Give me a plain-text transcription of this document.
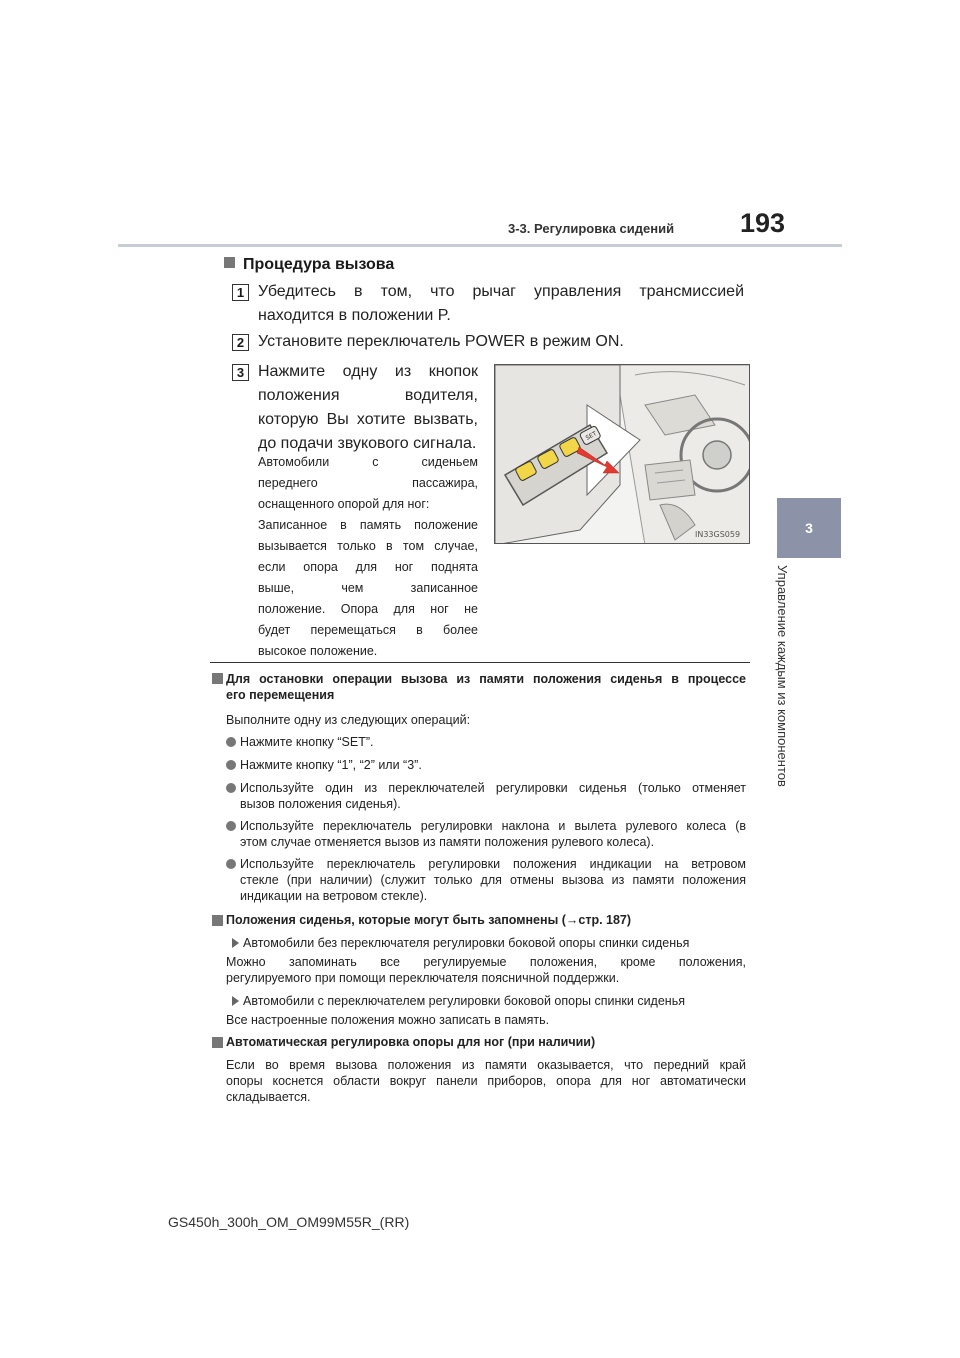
3-3. Регулировка сидений 193
3
Управление каждым из компонентов
Процедура вызова
1 Убедитесь в том, что рычаг управления трансмиссией
находится в положении P.
2 Установите переключатель POWER в режим ON.
3 Нажмите одну из кнопок
положения водителя,
которую Вы хотите вызвать,
до подачи звукового сигнала.
Автомобили с сиденьем
переднего пассажира,
оснащенного опорой для ног:
Записанное в память положение
вызывается только в том случае,
если опора для ног поднята
выше, чем записанное
положение. Опора для ног не
будет перемещаться в более
высокое положение.
SET
IN33GS059
Для остановки операции вызова из памяти положения сиденья в процессе
его перемещения
Выполните одну из следующих операций:
Нажмите кнопку “SET”.
Нажмите кнопку “1”, “2” или “3”.
Используйте один из переключателей регулировки сиденья (только отменяет
вызов положения сиденья).
Используйте переключатель регулировки наклона и вылета рулевого колеса (в
этом случае отменяется вызов из памяти положения рулевого колеса).
Используйте переключатель регулировки положения индикации на ветровом
стекле (при наличии) (служит только для отмены вызова из памяти положения
индикации на ветровом стекле).
Положения сиденья, которые могут быть запомнены (→стр. 187)
Автомобили без переключателя регулировки боковой опоры спинки сиденья
Можно запоминать все регулируемые положения, кроме положения,
регулируемого при помощи переключателя поясничной поддержки.
Автомобили с переключателем регулировки боковой опоры спинки сиденья
Все настроенные положения можно записать в память.
Автоматическая регулировка опоры для ног (при наличии)
Если во время вызова положения из памяти оказывается, что передний край
опоры коснется области вокруг панели приборов, опора для ног автоматически
складывается.
GS450h_300h_OM_OM99M55R_(RR)
